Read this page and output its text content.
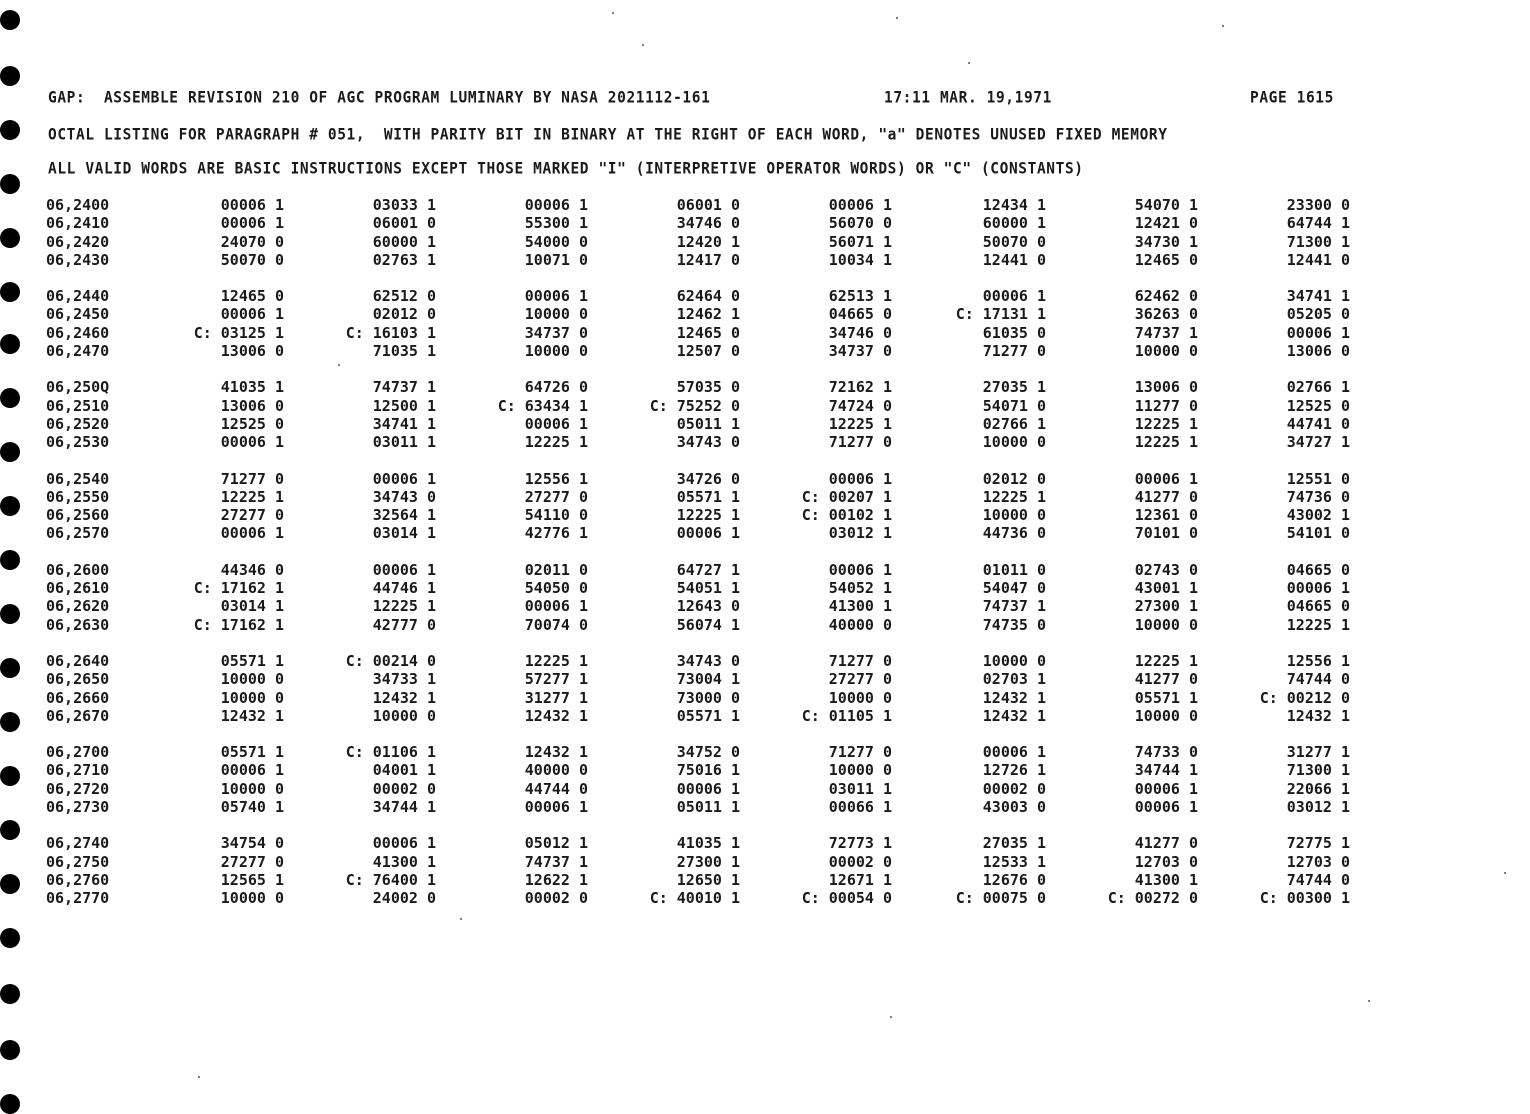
GAP:  ASSEMBLE REVISION 210 OF AGC PROGRAM LUMINARY BY NASA 2021112-161	17:11 MAR. 19,1971	PAGE 1615
OCTAL LISTING FOR PARAGRAPH # 051,  WITH PARITY BIT IN BINARY AT THE RIGHT OF EACH WORD, "a" DENOTES UNUSED FIXED MEMORY
ALL VALID WORDS ARE BASIC INSTRUCTIONS EXCEPT THOSE MARKED "I" (INTERPRETIVE OPERATOR WORDS) OR "C" (CONSTANTS)
06,2400	00006 1	03033 1	00006 1	06001 0	00006 1	12434 1	54070 1	23300 0
06,2410	00006 1	06001 0	55300 1	34746 0	56070 0	60000 1	12421 0	64744 1
06,2420	24070 0	60000 1	54000 0	12420 1	56071 1	50070 0	34730 1	71300 1
06,2430	50070 0	02763 1	10071 0	12417 0	10034 1	12441 0	12465 0	12441 0
06,2440	12465 0	62512 0	00006 1	62464 0	62513 1	00006 1	62462 0	34741 1
06,2450	00006 1	02012 0	10000 0	12462 1	04665 0	C: 17131 1	36263 0	05205 0
06,2460	C: 03125 1	C: 16103 1	34737 0	12465 0	34746 0	61035 0	74737 1	00006 1
06,2470	13006 0	71035 1	10000 0	12507 0	34737 0	71277 0	10000 0	13006 0
06,250Q	41035 1	74737 1	64726 0	57035 0	72162 1	27035 1	13006 0	02766 1
06,2510	13006 0	12500 1	C: 63434 1	C: 75252 0	74724 0	54071 0	11277 0	12525 0
06,2520	12525 0	34741 1	00006 1	05011 1	12225 1	02766 1	12225 1	44741 0
06,2530	00006 1	03011 1	12225 1	34743 0	71277 0	10000 0	12225 1	34727 1
06,2540	71277 0	00006 1	12556 1	34726 0	00006 1	02012 0	00006 1	12551 0
06,2550	12225 1	34743 0	27277 0	05571 1	C: 00207 1	12225 1	41277 0	74736 0
06,2560	27277 0	32564 1	54110 0	12225 1	C: 00102 1	10000 0	12361 0	43002 1
06,2570	00006 1	03014 1	42776 1	00006 1	03012 1	44736 0	70101 0	54101 0
06,2600	44346 0	00006 1	02011 0	64727 1	00006 1	01011 0	02743 0	04665 0
06,2610	C: 17162 1	44746 1	54050 0	54051 1	54052 1	54047 0	43001 1	00006 1
06,2620	03014 1	12225 1	00006 1	12643 0	41300 1	74737 1	27300 1	04665 0
06,2630	C: 17162 1	42777 0	70074 0	56074 1	40000 0	74735 0	10000 0	12225 1
06,2640	05571 1	C: 00214 0	12225 1	34743 0	71277 0	10000 0	12225 1	12556 1
06,2650	10000 0	34733 1	57277 1	73004 1	27277 0	02703 1	41277 0	74744 0
06,2660	10000 0	12432 1	31277 1	73000 0	10000 0	12432 1	05571 1	C: 00212 0
06,2670	12432 1	10000 0	12432 1	05571 1	C: 01105 1	12432 1	10000 0	12432 1
06,2700	05571 1	C: 01106 1	12432 1	34752 0	71277 0	00006 1	74733 0	31277 1
06,2710	00006 1	04001 1	40000 0	75016 1	10000 0	12726 1	34744 1	71300 1
06,2720	10000 0	00002 0	44744 0	00006 1	03011 1	00002 0	00006 1	22066 1
06,2730	05740 1	34744 1	00006 1	05011 1	00066 1	43003 0	00006 1	03012 1
06,2740	34754 0	00006 1	05012 1	41035 1	72773 1	27035 1	41277 0	72775 1
06,2750	27277 0	41300 1	74737 1	27300 1	00002 0	12533 1	12703 0	12703 0
06,2760	12565 1	C: 76400 1	12622 1	12650 1	12671 1	12676 0	41300 1	74744 0
06,2770	10000 0	24002 0	00002 0	C: 40010 1	C: 00054 0	C: 00075 0	C: 00272 0	C: 00300 1
